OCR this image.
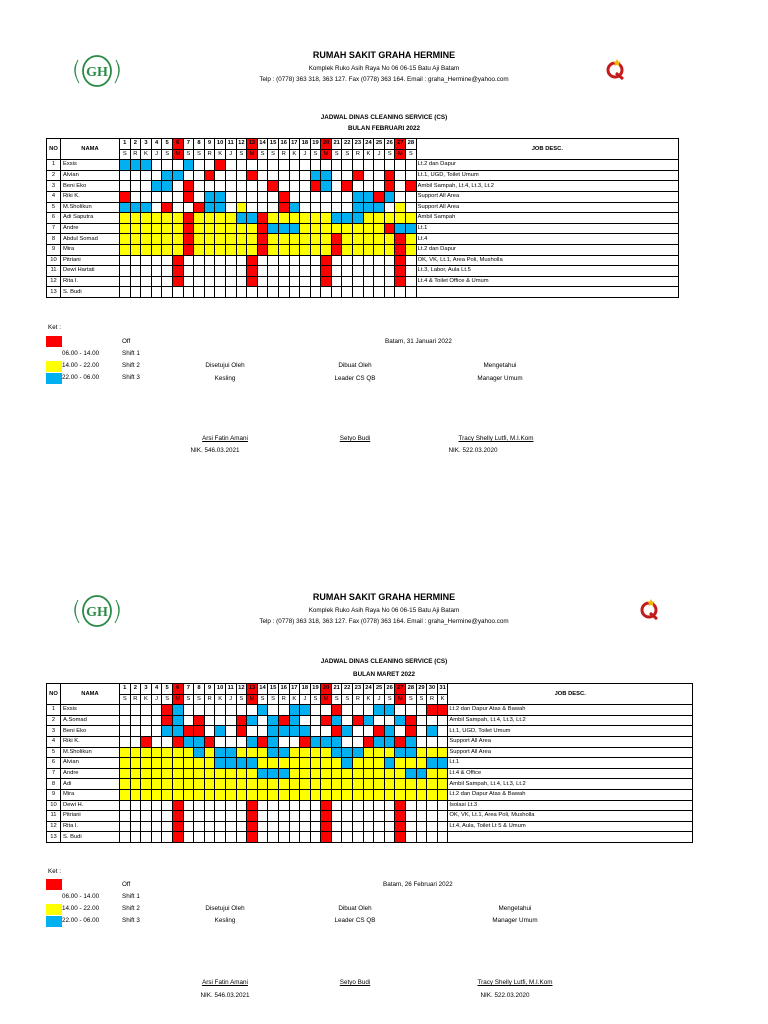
GH
RUMAH SAKIT GRAHA HERMINE
Komplek Ruko Asih Raya No 06 06-15 Batu Aji Batam
Telp : (0778) 363 318, 363 127. Fax (0778) 363 164. Email : graha_Hermine@yahoo.com
JADWAL DINAS CLEANING SERVICE (CS)
BULAN FEBRUARI 2022
NO	NAMA	1	2	3	4	5	6	7	8	9	10	11	12	13	14	15	16	17	18	19	20	21	22	23	24	25	26	27	28	JOB DESC.
		S	R	K	J	S	M	S	S	R	K	J	S	M	S	S	R	K	J	S	M	S	S	R	K	J	S	M	S	
1	Exsis																													Lt.2 dan Dapur
2	Alvian																													Lt.1, UGD, Toilet Umum
3	Beni Eko																													Ambil Sampah, Lt.4, Lt.3, Lt.2
4	Riki K.																													Support All Area
5	M.Sholikun																													Support All Area
6	Adi Saputra																													Ambil Sampah
7	Andre																													Lt.1
8	Abdul Somad																													Lt.4
9	Mira																													Lt.2 dan Dapur
10	Pitriani																													OK, VK, Lt.1, Area Poli, Musholla
11	Dewi Hartati																													Lt.3, Labor, Aula Lt.5
12	Rita I.																													Lt.4 & Toilet Office & Umum
13	S. Budi																													
Ket :
Off
06.00 - 14.00	Shift 1
14.00 - 22.00	Shift 2
22.00 - 06.00	Shift 3
Batam, 31 Januari 2022
Disetujui Oleh
Kesling
Dibuat Oleh
Leader CS QB
Mengetahui
Manager Umum
Arsi Fatin Amani
NIK. 546.03.2021
Setyo Budi	Tracy Shelly Lutfi, M.I.Kom
NIK. 522.03.2020
GH
RUMAH SAKIT GRAHA HERMINE
Komplek Ruko Asih Raya No 06 06-15 Batu Aji Batam
Telp : (0778) 363 318, 363 127. Fax (0778) 363 164. Email : graha_Hermine@yahoo.com
JADWAL DINAS CLEANING SERVICE (CS)
BULAN MARET 2022
NO	NAMA	1	2	3	4	5	6	7	8	9	10	11	12	13	14	15	16	17	18	19	20	21	22	23	24	25	26	27	28	29	30	31	JOB DESC.
		S	R	K	J	S	M	S	S	R	K	J	S	M	S	S	R	K	J	S	M	S	S	R	K	J	S	M	S	S	R	K	
1	Exsis																																Lt.2 dan Dapur Atas & Bawah
2	A.Somad																																Ambil Sampah, Lt.4, Lt.3, Lt.2
3	Beni Eko																																Lt.1, UGD, Toilet Umum
4	Riki K.																																Support All Area
5	M.Sholikun																																Support All Area
6	Alvian																																Lt.1
7	Andre																																Lt.4 & Office
8	Adi																																Ambil Sampah, Lt.4, Lt.3, Lt.2
9	Mira																																Lt.2 dan Dapur Atas & Bawah
10	Dewi H.																																Isolasi Lt.3
11	Pitriani																																OK, VK, Lt.1, Area Poli, Musholla
12	Rita I.																																Lt.4, Aula, Toilet Lt 5 & Umum
13	S. Budi																																
Ket :
Off
06.00 - 14.00	Shift 1
14.00 - 22.00	Shift 2
22.00 - 06.00	Shift 3
Batam, 26 Februari 2022
Disetujui Oleh
Kesling
Dibuat Oleh
Leader CS QB
Mengetahui
Manager Umum
Arsi Fatin Amani
NIK. 546.03.2021
Setyo Budi	Tracy Shelly Lutfi, M.I.Kom
NIK. 522.03.2020
